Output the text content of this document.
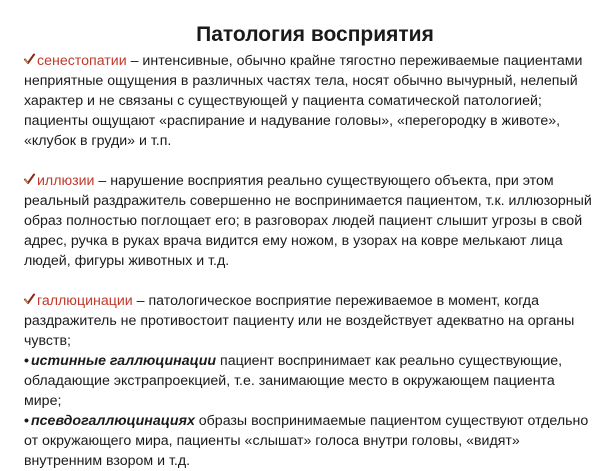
Патология восприятия
сенестопатии – интенсивные, обычно крайне тягостно переживаемые пациентами неприятные ощущения в различных частях тела, носят обычно вычурный, нелепый характер и не связаны с существующей у пациента соматической патологией; пациенты ощущают «распирание и надувание головы», «перегородку в животе», «клубок в груди» и т.п.
иллюзии – нарушение восприятия реально существующего объекта, при этом реальный раздражитель совершенно не воспринимается пациентом, т.к. иллюзорный образ полностью поглощает его; в разговорах людей пациент слышит угрозы в свой адрес, ручка в руках врача видится ему ножом, в узорах на ковре мелькают лица людей, фигуры животных и т.д.
галлюцинации – патологическое восприятие переживаемое в момент, когда раздражитель не противостоит пациенту или не воздействует адекватно на органы чувств;
• истинные галлюцинации пациент воспринимает как реально существующие, обладающие экстрапроекцией, т.е. занимающие место в окружающем пациента мире;
• псевдогаллюцинациях образы воспринимаемые пациентом существуют отдельно от окружающего мира, пациенты «слышат» голоса внутри головы, «видят» внутренним взором и т.д.
